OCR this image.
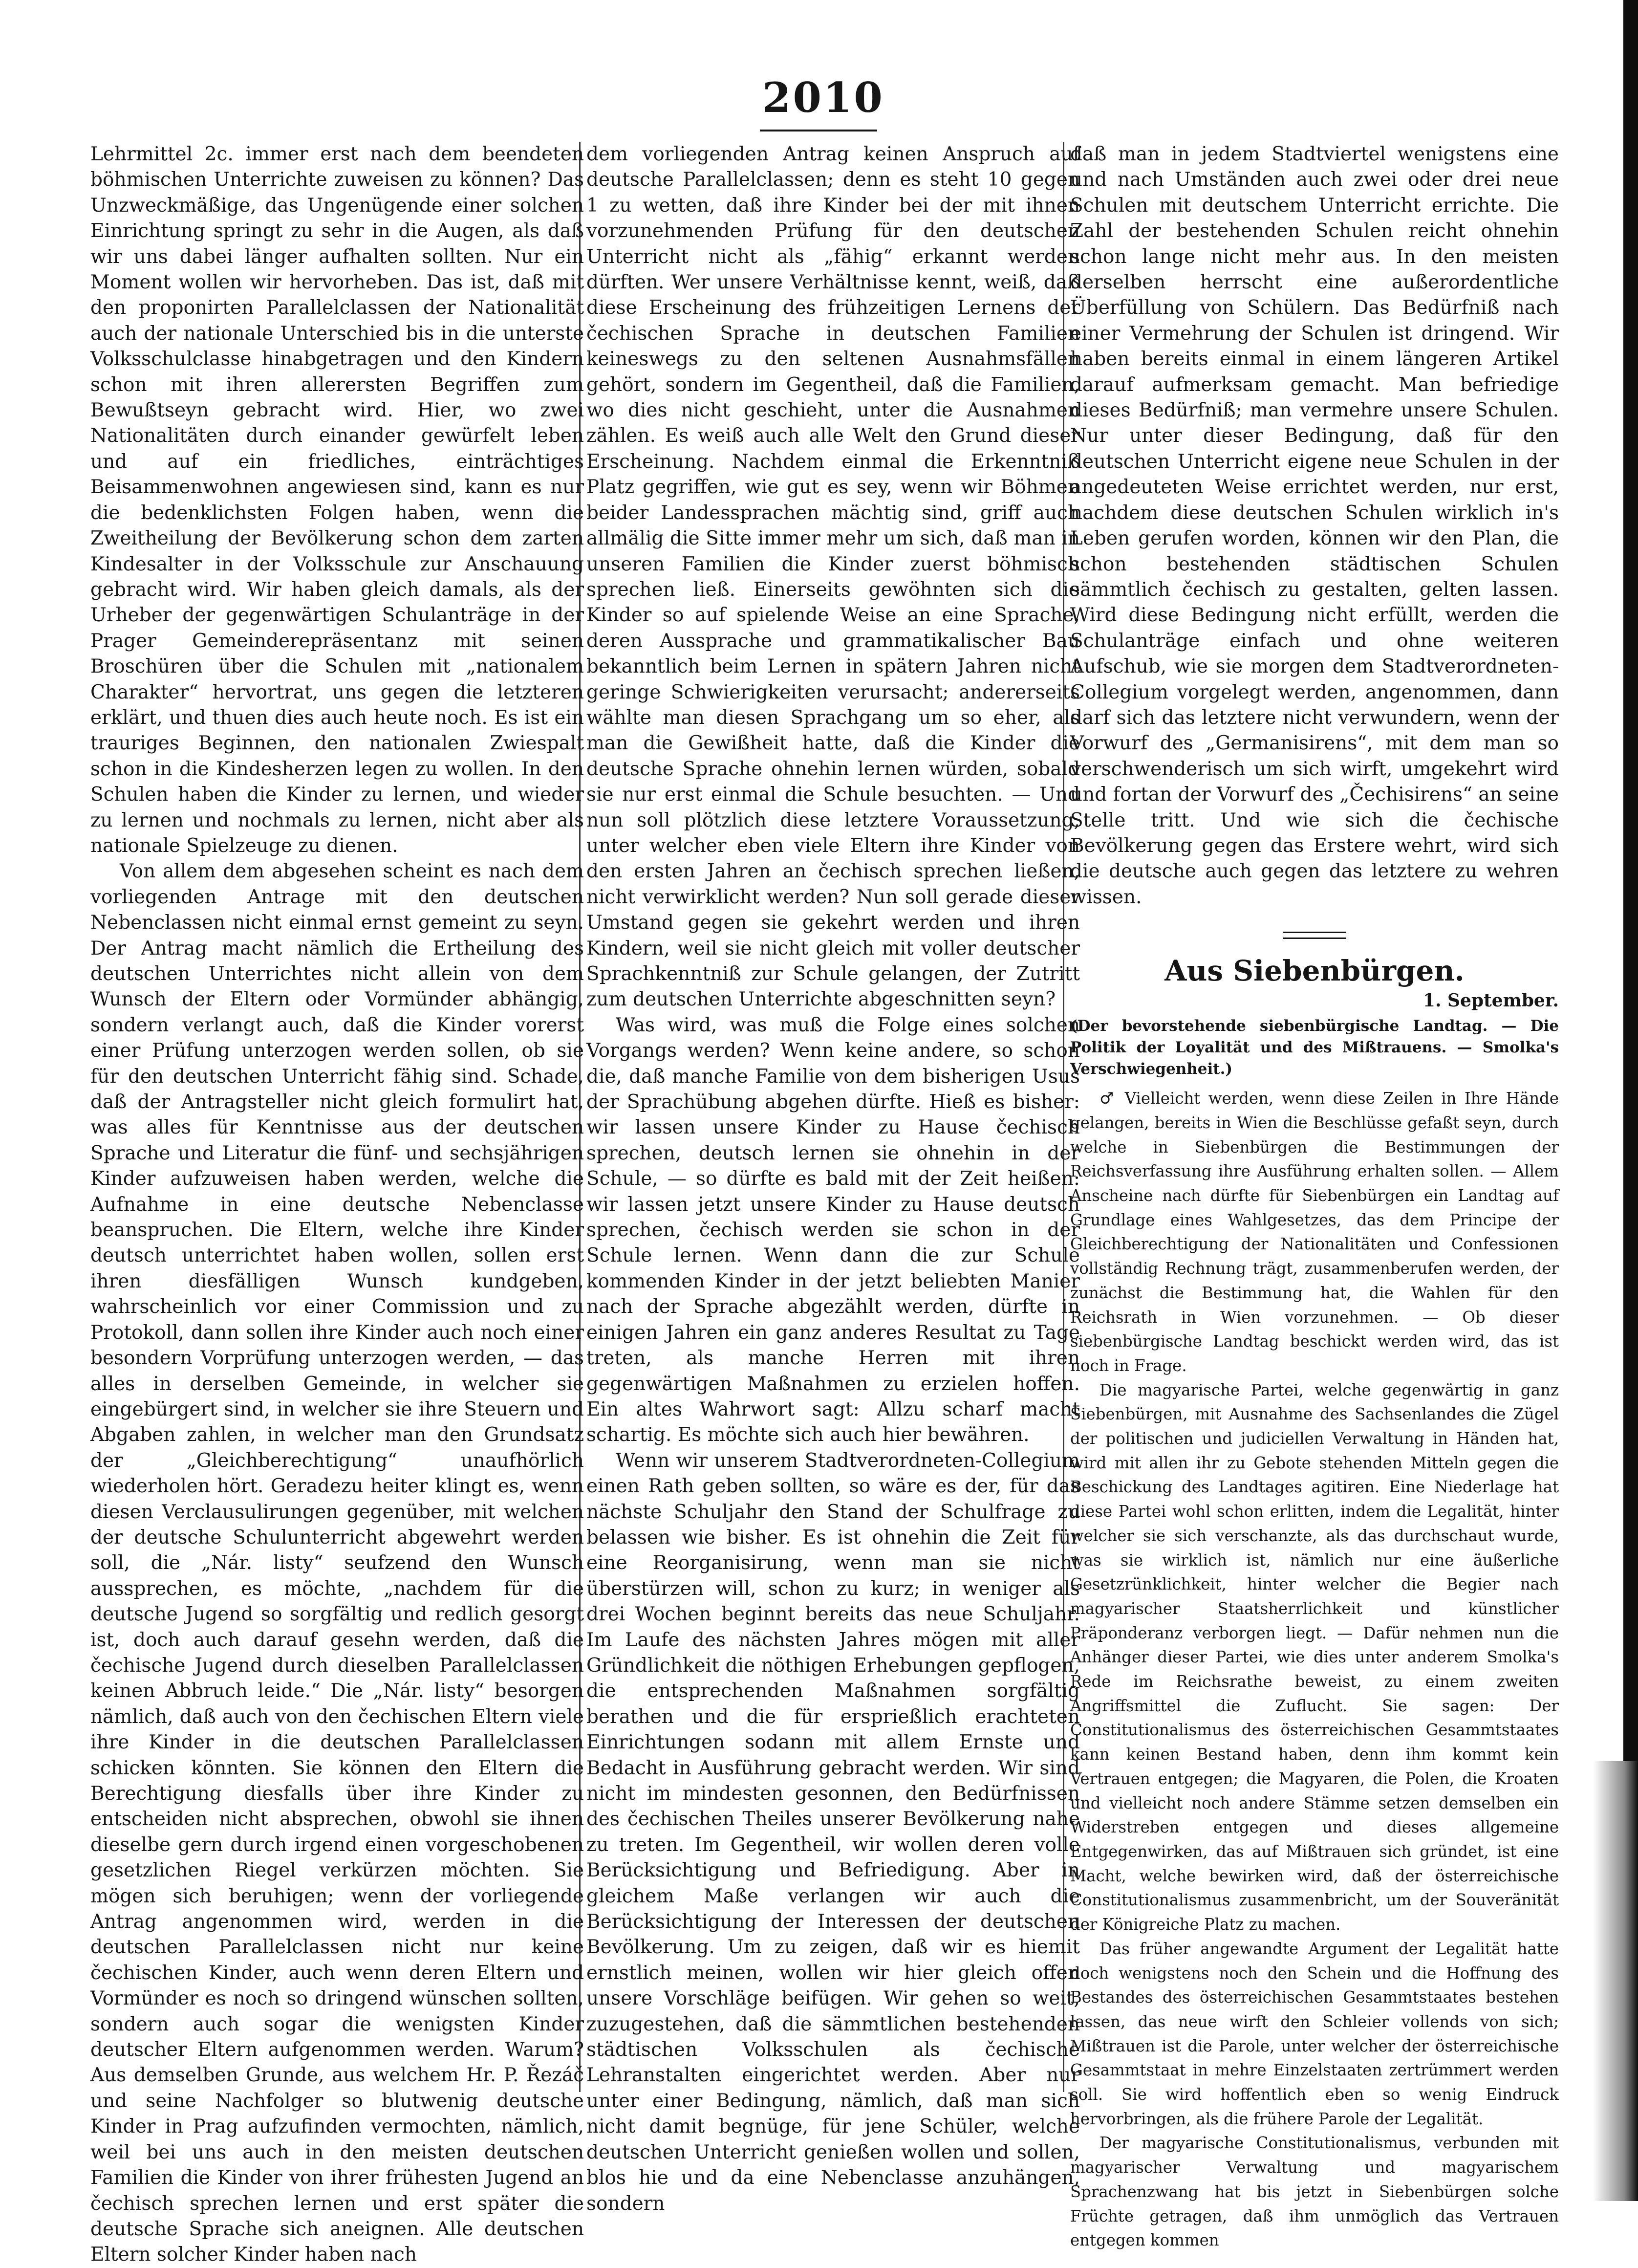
2010

Lehrmittel 2c. immer erst nach dem beendeten böhmischen Unterrichte zuweisen zu können? Das Unzweckmäßige, das Ungenügende einer solchen Einrichtung springt zu sehr in die Augen, als daß wir uns dabei länger aufhalten sollten. Nur ein Moment wollen wir hervorheben. Das ist, daß mit den proponirten Parallelclassen der Nationalität auch der nationale Unterschied bis in die unterste Volksschulclasse hinabgetragen und den Kindern schon mit ihren allerersten Begriffen zum Bewußtseyn gebracht wird. Hier, wo zwei Nationalitäten durch einander gewürfelt leben und auf ein friedliches, einträchtiges Beisammenwohnen angewiesen sind, kann es nur die bedenklichsten Folgen haben, wenn die Zweitheilung der Bevölkerung schon dem zarten Kindesalter in der Volksschule zur Anschauung gebracht wird. Wir haben gleich damals, als der Urheber der gegenwärtigen Schulanträge in der Prager Gemeinderepräsentanz mit seinen Broschüren über die Schulen mit „nationalem Charakter“ hervortrat, uns gegen die letzteren erklärt, und thuen dies auch heute noch. Es ist ein trauriges Beginnen, den nationalen Zwiespalt schon in die Kindesherzen legen zu wollen. In den Schulen haben die Kinder zu lernen, und wieder zu lernen und nochmals zu lernen, nicht aber als nationale Spielzeuge zu dienen.

Von allem dem abgesehen scheint es nach dem vorliegenden Antrage mit den deutschen Nebenclassen nicht einmal ernst gemeint zu seyn. Der Antrag macht nämlich die Ertheilung des deutschen Unterrichtes nicht allein von dem Wunsch der Eltern oder Vormünder abhängig, sondern verlangt auch, daß die Kinder vorerst einer Prüfung unterzogen werden sollen, ob sie für den deutschen Unterricht fähig sind. Schade, daß der Antragsteller nicht gleich formulirt hat, was alles für Kenntnisse aus der deutschen Sprache und Literatur die fünf- und sechsjährigen Kinder aufzuweisen haben werden, welche die Aufnahme in eine deutsche Nebenclasse beanspruchen. Die Eltern, welche ihre Kinder deutsch unterrichtet haben wollen, sollen erst ihren diesfälligen Wunsch kundgeben, wahrscheinlich vor einer Commission und zu Protokoll, dann sollen ihre Kinder auch noch einer besondern Vorprüfung unterzogen werden, — das alles in derselben Gemeinde, in welcher sie eingebürgert sind, in welcher sie ihre Steuern und Abgaben zahlen, in welcher man den Grundsatz der „Gleichberechtigung“ unaufhörlich wiederholen hört. Geradezu heiter klingt es, wenn diesen Verclausulirungen gegenüber, mit welchen der deutsche Schulunterricht abgewehrt werden soll, die „Nár. listy“ seufzend den Wunsch aussprechen, es möchte, „nachdem für die deutsche Jugend so sorgfältig und redlich gesorgt ist, doch auch darauf gesehn werden, daß die čechische Jugend durch dieselben Parallelclassen keinen Abbruch leide.“ Die „Nár. listy“ besorgen nämlich, daß auch von den čechischen Eltern viele ihre Kinder in die deutschen Parallelclassen schicken könnten. Sie können den Eltern die Berechtigung diesfalls über ihre Kinder zu entscheiden nicht absprechen, obwohl sie ihnen dieselbe gern durch irgend einen vorgeschobenen gesetzlichen Riegel verkürzen möchten. Sie mögen sich beruhigen; wenn der vorliegende Antrag angenommen wird, werden in die deutschen Parallelclassen nicht nur keine čechischen Kinder, auch wenn deren Eltern und Vormünder es noch so dringend wünschen sollten, sondern auch sogar die wenigsten Kinder deutscher Eltern aufgenommen werden. Warum? Aus demselben Grunde, aus welchem Hr. P. Řezáč und seine Nachfolger so blutwenig deutsche Kinder in Prag aufzufinden vermochten, nämlich, weil bei uns auch in den meisten deutschen Familien die Kinder von ihrer frühesten Jugend an čechisch sprechen lernen und erst später die deutsche Sprache sich aneignen. Alle deutschen Eltern solcher Kinder haben nach

dem vorliegenden Antrag keinen Anspruch auf deutsche Parallelclassen; denn es steht 10 gegen 1 zu wetten, daß ihre Kinder bei der mit ihnen vorzunehmenden Prüfung für den deutschen Unterricht nicht als „fähig“ erkannt werden dürften. Wer unsere Verhältnisse kennt, weiß, daß diese Erscheinung des frühzeitigen Lernens der čechischen Sprache in deutschen Familien keineswegs zu den seltenen Ausnahmsfällen gehört, sondern im Gegentheil, daß die Familien, wo dies nicht geschieht, unter die Ausnahmen zählen. Es weiß auch alle Welt den Grund dieser Erscheinung. Nachdem einmal die Erkenntniß Platz gegriffen, wie gut es sey, wenn wir Böhmen beider Landessprachen mächtig sind, griff auch allmälig die Sitte immer mehr um sich, daß man in unseren Familien die Kinder zuerst böhmisch sprechen ließ. Einerseits gewöhnten sich die Kinder so auf spielende Weise an eine Sprache, deren Aussprache und grammatikalischer Bau bekanntlich beim Lernen in spätern Jahren nicht geringe Schwierigkeiten verursacht; andererseits wählte man diesen Sprachgang um so eher, als man die Gewißheit hatte, daß die Kinder die deutsche Sprache ohnehin lernen würden, sobald sie nur erst einmal die Schule besuchten. — Und nun soll plötzlich diese letztere Voraussetzung, unter welcher eben viele Eltern ihre Kinder von den ersten Jahren an čechisch sprechen ließen, nicht verwirklicht werden? Nun soll gerade dieser Umstand gegen sie gekehrt werden und ihren Kindern, weil sie nicht gleich mit voller deutscher Sprachkenntniß zur Schule gelangen, der Zutritt zum deutschen Unterrichte abgeschnitten seyn?

Was wird, was muß die Folge eines solchen Vorgangs werden? Wenn keine andere, so schon die, daß manche Familie von dem bisherigen Usus der Sprachübung abgehen dürfte. Hieß es bisher: wir lassen unsere Kinder zu Hause čechisch sprechen, deutsch lernen sie ohnehin in der Schule, — so dürfte es bald mit der Zeit heißen: wir lassen jetzt unsere Kinder zu Hause deutsch sprechen, čechisch werden sie schon in der Schule lernen. Wenn dann die zur Schule kommenden Kinder in der jetzt beliebten Manier nach der Sprache abgezählt werden, dürfte in einigen Jahren ein ganz anderes Resultat zu Tage treten, als manche Herren mit ihren gegenwärtigen Maßnahmen zu erzielen hoffen. Ein altes Wahrwort sagt: Allzu scharf macht schartig. Es möchte sich auch hier bewähren.

Wenn wir unserem Stadtverordneten-Collegium einen Rath geben sollten, so wäre es der, für das nächste Schuljahr den Stand der Schulfrage zu belassen wie bisher. Es ist ohnehin die Zeit für eine Reorganisirung, wenn man sie nicht überstürzen will, schon zu kurz; in weniger als drei Wochen beginnt bereits das neue Schuljahr. Im Laufe des nächsten Jahres mögen mit aller Gründlichkeit die nöthigen Erhebungen gepflogen, die entsprechenden Maßnahmen sorgfältig berathen und die für ersprießlich erachteten Einrichtungen sodann mit allem Ernste und Bedacht in Ausführung gebracht werden. Wir sind nicht im mindesten gesonnen, den Bedürfnissen des čechischen Theiles unserer Bevölkerung nahe zu treten. Im Gegentheil, wir wollen deren volle Berücksichtigung und Befriedigung. Aber in gleichem Maße verlangen wir auch die Berücksichtigung der Interessen der deutschen Bevölkerung. Um zu zeigen, daß wir es hiemit ernstlich meinen, wollen wir hier gleich offen unsere Vorschläge beifügen. Wir gehen so weit, zuzugestehen, daß die sämmtlichen bestehenden städtischen Volksschulen als čechische Lehranstalten eingerichtet werden. Aber nur unter einer Bedingung, nämlich, daß man sich nicht damit begnüge, für jene Schüler, welche deutschen Unterricht genießen wollen und sollen, blos hie und da eine Nebenclasse anzuhängen, sondern

daß man in jedem Stadtviertel wenigstens eine und nach Umständen auch zwei oder drei neue Schulen mit deutschem Unterricht errichte. Die Zahl der bestehenden Schulen reicht ohnehin schon lange nicht mehr aus. In den meisten derselben herrscht eine außerordentliche Überfüllung von Schülern. Das Bedürfniß nach einer Vermehrung der Schulen ist dringend. Wir haben bereits einmal in einem längeren Artikel darauf aufmerksam gemacht. Man befriedige dieses Bedürfniß; man vermehre unsere Schulen. Nur unter dieser Bedingung, daß für den deutschen Unterricht eigene neue Schulen in der angedeuteten Weise errichtet werden, nur erst, nachdem diese deutschen Schulen wirklich in's Leben gerufen worden, können wir den Plan, die schon bestehenden städtischen Schulen sämmtlich čechisch zu gestalten, gelten lassen. Wird diese Bedingung nicht erfüllt, werden die Schulanträge einfach und ohne weiteren Aufschub, wie sie morgen dem Stadtverordneten-Collegium vorgelegt werden, angenommen, dann darf sich das letztere nicht verwundern, wenn der Vorwurf des „Germanisirens“, mit dem man so verschwenderisch um sich wirft, umgekehrt wird und fortan der Vorwurf des „Čechisirens“ an seine Stelle tritt. Und wie sich die čechische Bevölkerung gegen das Erstere wehrt, wird sich die deutsche auch gegen das letztere zu wehren wissen.

Aus Siebenbürgen.

1. September.

(Der bevorstehende siebenbürgische Landtag. — Die Politik der Loyalität und des Mißtrauens. — Smolka's Verschwiegenheit.)

♂ Vielleicht werden, wenn diese Zeilen in Ihre Hände gelangen, bereits in Wien die Beschlüsse gefaßt seyn, durch welche in Siebenbürgen die Bestimmungen der Reichsverfassung ihre Ausführung erhalten sollen. — Allem Anscheine nach dürfte für Siebenbürgen ein Landtag auf Grundlage eines Wahlgesetzes, das dem Principe der Gleichberechtigung der Nationalitäten und Confessionen vollständig Rechnung trägt, zusammenberufen werden, der zunächst die Bestimmung hat, die Wahlen für den Reichsrath in Wien vorzunehmen. — Ob dieser siebenbürgische Landtag beschickt werden wird, das ist noch in Frage.

Die magyarische Partei, welche gegenwärtig in ganz Siebenbürgen, mit Ausnahme des Sachsenlandes die Zügel der politischen und judiciellen Verwaltung in Händen hat, wird mit allen ihr zu Gebote stehenden Mitteln gegen die Beschickung des Landtages agitiren. Eine Niederlage hat diese Partei wohl schon erlitten, indem die Legalität, hinter welcher sie sich verschanzte, als das durchschaut wurde, was sie wirklich ist, nämlich nur eine äußerliche Gesetzrünklichkeit, hinter welcher die Begier nach magyarischer Staatsherrlichkeit und künstlicher Präponderanz verborgen liegt. — Dafür nehmen nun die Anhänger dieser Partei, wie dies unter anderem Smolka's Rede im Reichsrathe beweist, zu einem zweiten Angriffsmittel die Zuflucht. Sie sagen: Der Constitutionalismus des österreichischen Gesammtstaates kann keinen Bestand haben, denn ihm kommt kein Vertrauen entgegen; die Magyaren, die Polen, die Kroaten und vielleicht noch andere Stämme setzen demselben ein Widerstreben entgegen und dieses allgemeine Entgegenwirken, das auf Mißtrauen sich gründet, ist eine Macht, welche bewirken wird, daß der österreichische Constitutionalismus zusammenbricht, um der Souveränität der Königreiche Platz zu machen.

Das früher angewandte Argument der Legalität hatte doch wenigstens noch den Schein und die Hoffnung des Bestandes des österreichischen Gesammtstaates bestehen lassen, das neue wirft den Schleier vollends von sich; Mißtrauen ist die Parole, unter welcher der österreichische Gesammtstaat in mehre Einzelstaaten zertrümmert werden soll. Sie wird hoffentlich eben so wenig Eindruck hervorbringen, als die frühere Parole der Legalität.

Der magyarische Constitutionalismus, verbunden mit magyarischer Verwaltung und magyarischem Sprachenzwang hat bis jetzt in Siebenbürgen solche Früchte getragen, daß ihm unmöglich das Vertrauen entgegen kommen
